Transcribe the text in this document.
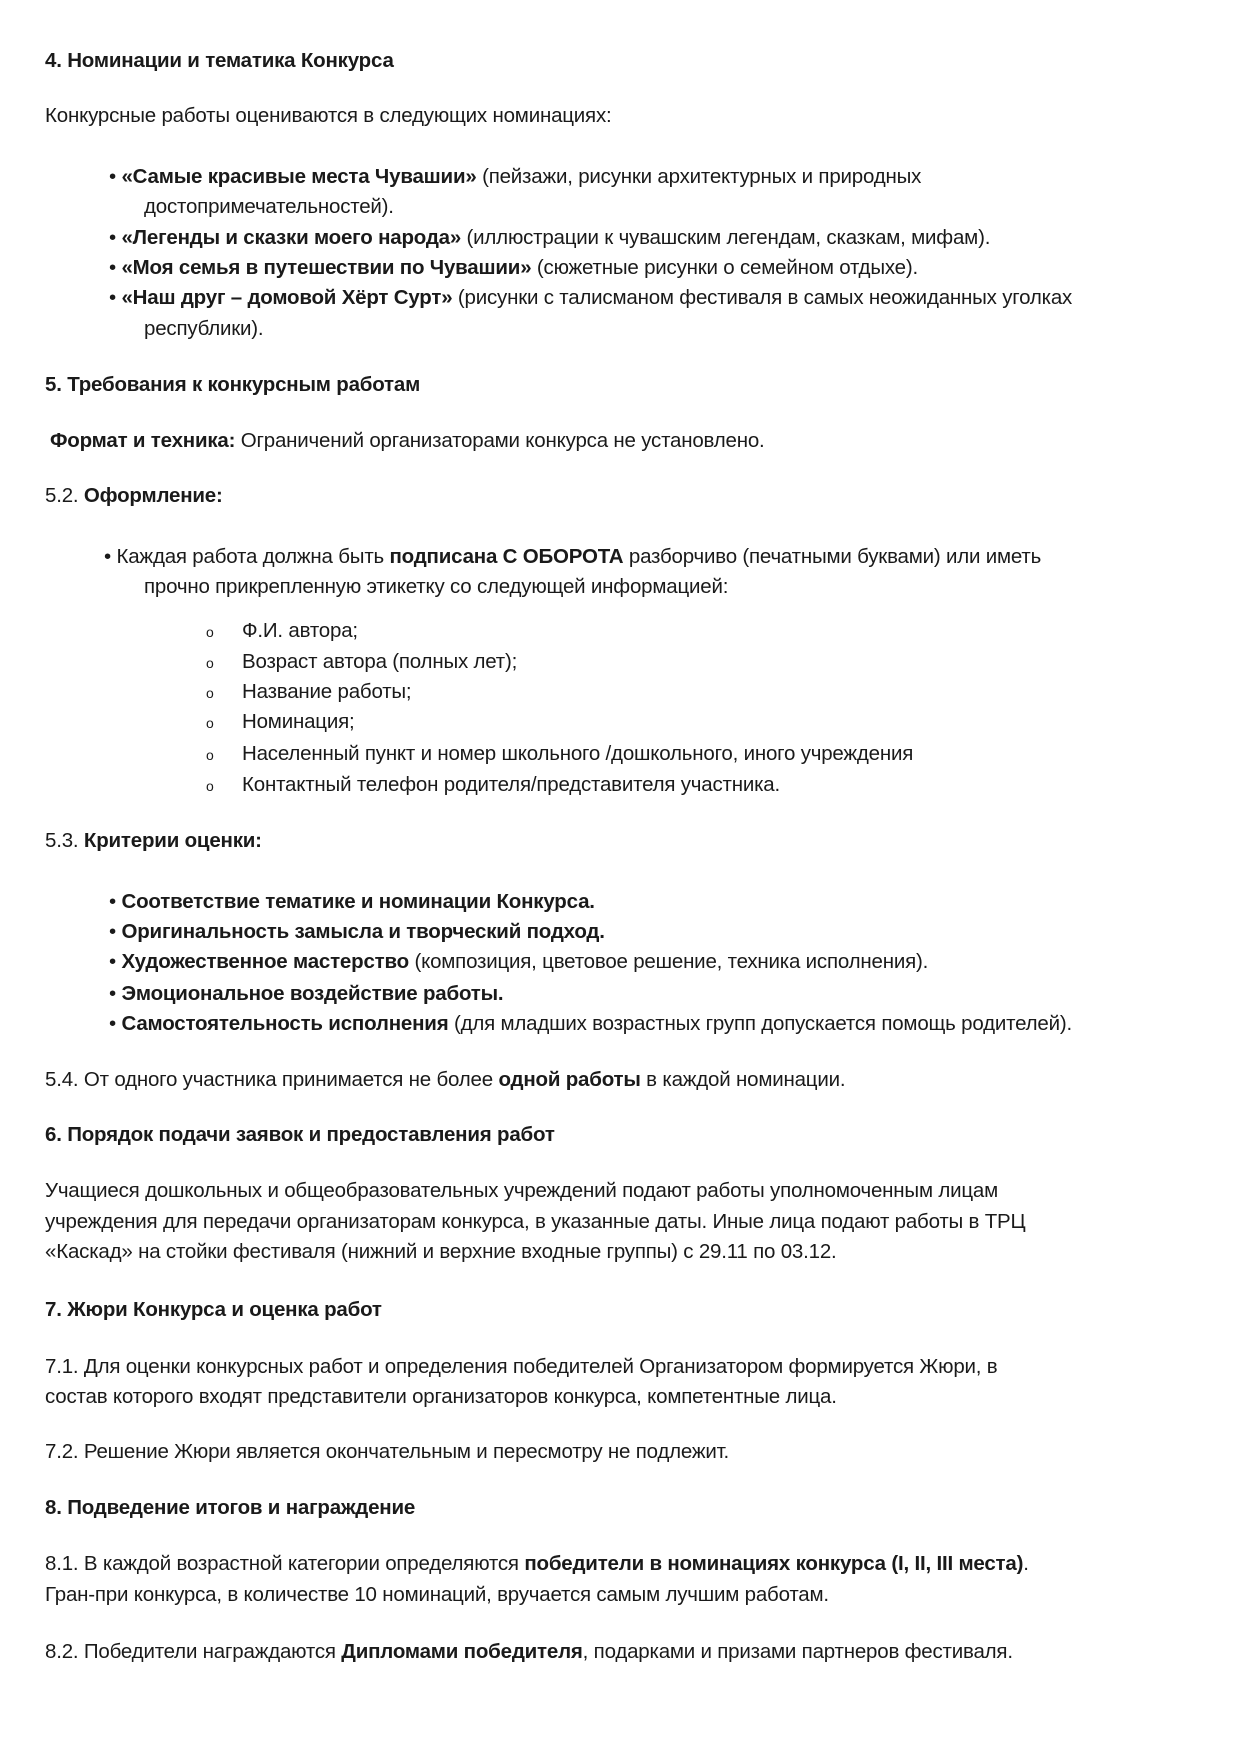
4. Номинации и тематика Конкурса
Конкурсные работы оцениваются в следующих номинациях:
• «Самые красивые места Чувашии» (пейзажи, рисунки архитектурных и природных
достопримечательностей).
• «Легенды и сказки моего народа» (иллюстрации к чувашским легендам, сказкам, мифам).
• «Моя семья в путешествии по Чувашии» (сюжетные рисунки о семейном отдыхе).
• «Наш друг – домовой Хёрт Сурт» (рисунки с талисманом фестиваля в самых неожиданных уголках
республики).
5. Требования к конкурсным работам
Формат и техника: Ограничений организаторами конкурса не установлено.
5.2. Оформление:
• Каждая работа должна быть подписана С ОБОРОТА разборчиво (печатными буквами) или иметь
прочно прикрепленную этикетку со следующей информацией:
o Ф.И. автора;
o Возраст автора (полных лет);
o Название работы;
o Номинация;
o Населенный пункт и номер школьного /дошкольного, иного учреждения
o Контактный телефон родителя/представителя участника.
5.3. Критерии оценки:
• Соответствие тематике и номинации Конкурса.
• Оригинальность замысла и творческий подход.
• Художественное мастерство (композиция, цветовое решение, техника исполнения).
• Эмоциональное воздействие работы.
• Самостоятельность исполнения (для младших возрастных групп допускается помощь родителей).
5.4. От одного участника принимается не более одной работы в каждой номинации.
6. Порядок подачи заявок и предоставления работ
Учащиеся дошкольных и общеобразовательных учреждений подают работы уполномоченным лицам
учреждения для передачи организаторам конкурса, в указанные даты. Иные лица подают работы в ТРЦ
«Каскад» на стойки фестиваля (нижний и верхние входные группы) с 29.11 по 03.12.
7. Жюри Конкурса и оценка работ
7.1. Для оценки конкурсных работ и определения победителей Организатором формируется Жюри, в
состав которого входят представители организаторов конкурса, компетентные лица.
7.2. Решение Жюри является окончательным и пересмотру не подлежит.
8. Подведение итогов и награждение
8.1. В каждой возрастной категории определяются победители в номинациях конкурса (I, II, III места).
Гран-при конкурса, в количестве 10 номинаций, вручается самым лучшим работам.
8.2. Победители награждаются Дипломами победителя, подарками и призами партнеров фестиваля.
